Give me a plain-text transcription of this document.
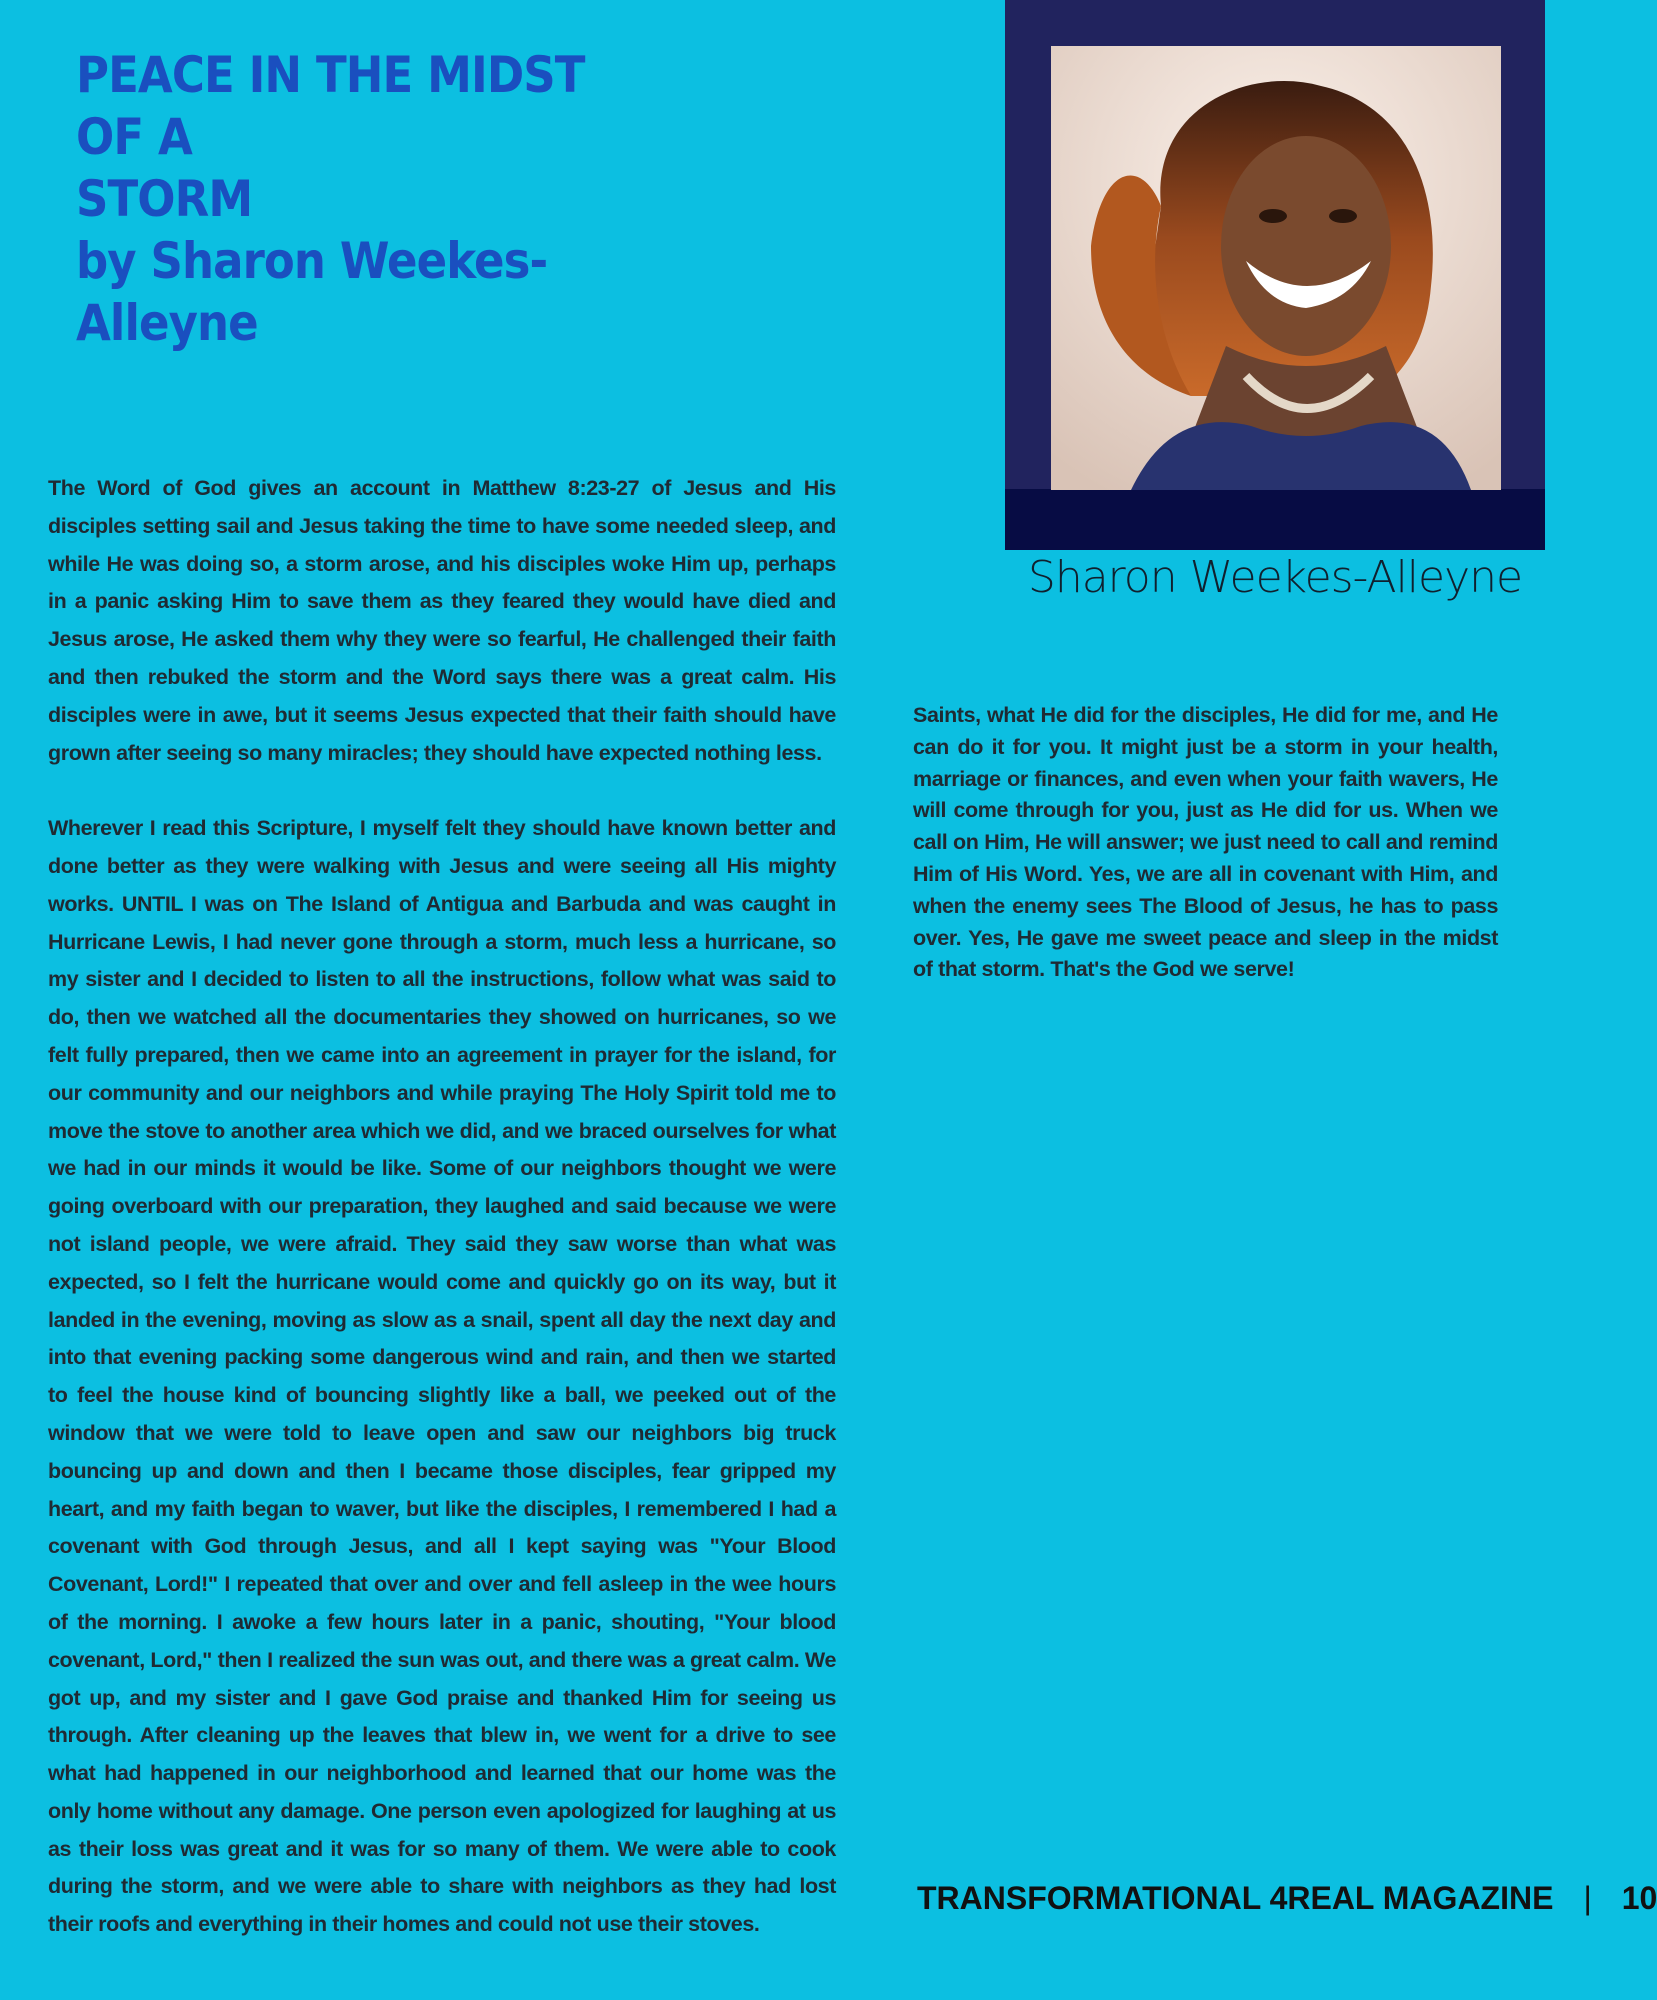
PEACE IN THE MIDST OF A
STORM
by Sharon Weekes-Alleyne
Sharon Weekes-Alleyne

The Word of God gives an account in Matthew 8:23-27 of Jesus and His disciples setting sail and Jesus taking the time to have some needed sleep, and while He was doing so, a storm arose, and his disciples woke Him up, perhaps in a panic asking Him to save them as they feared they would have died and Jesus arose, He asked them why they were so fearful, He challenged their faith and then rebuked the storm and the Word says there was a great calm. His disciples were in awe, but it seems Jesus expected that their faith should have grown after seeing so many miracles; they should have expected nothing less.

Wherever I read this Scripture, I myself felt they should have known better and done better as they were walking with Jesus and were seeing all His mighty works. UNTIL I was on The Island of Antigua and Barbuda and was caught in Hurricane Lewis, I had never gone through a storm, much less a hurricane, so my sister and I decided to listen to all the instructions, follow what was said to do, then we watched all the documentaries they showed on hurricanes, so we felt fully prepared, then we came into an agreement in prayer for the island, for our community and our neighbors and while praying The Holy Spirit told me to move the stove to another area which we did, and we braced ourselves for what we had in our minds it would be like. Some of our neighbors thought we were going overboard with our preparation, they laughed and said because we were not island people, we were afraid. They said they saw worse than what was expected, so I felt the hurricane would come and quickly go on its way, but it landed in the evening, moving as slow as a snail, spent all day the next day and into that evening packing some dangerous wind and rain, and then we started to feel the house kind of bouncing slightly like a ball, we peeked out of the window that we were told to leave open and saw our neighbors big truck bouncing up and down and then I became those disciples, fear gripped my heart, and my faith began to waver, but like the disciples, I remembered I had a covenant with God through Jesus, and all I kept saying was "Your Blood Covenant, Lord!" I repeated that over and over and fell asleep in the wee hours of the morning. I awoke a few hours later in a panic, shouting, "Your blood covenant, Lord," then I realized the sun was out, and there was a great calm. We got up, and my sister and I gave God praise and thanked Him for seeing us through. After cleaning up the leaves that blew in, we went for a drive to see what had happened in our neighborhood and learned that our home was the only home without any damage. One person even apologized for laughing at us as their loss was great and it was for so many of them. We were able to cook during the storm, and we were able to share with neighbors as they had lost their roofs and everything in their homes and could not use their stoves.

Saints, what He did for the disciples, He did for me, and He can do it for you. It might just be a storm in your health, marriage or finances, and even when your faith wavers, He will come through for you, just as He did for us. When we call on Him, He will answer; we just need to call and remind Him of His Word. Yes, we are all in covenant with Him, and when the enemy sees The Blood of Jesus, he has to pass over. Yes, He gave me sweet peace and sleep in the midst of that storm. That's the God we serve!

TRANSFORMATIONAL 4REAL MAGAZINE | 10
